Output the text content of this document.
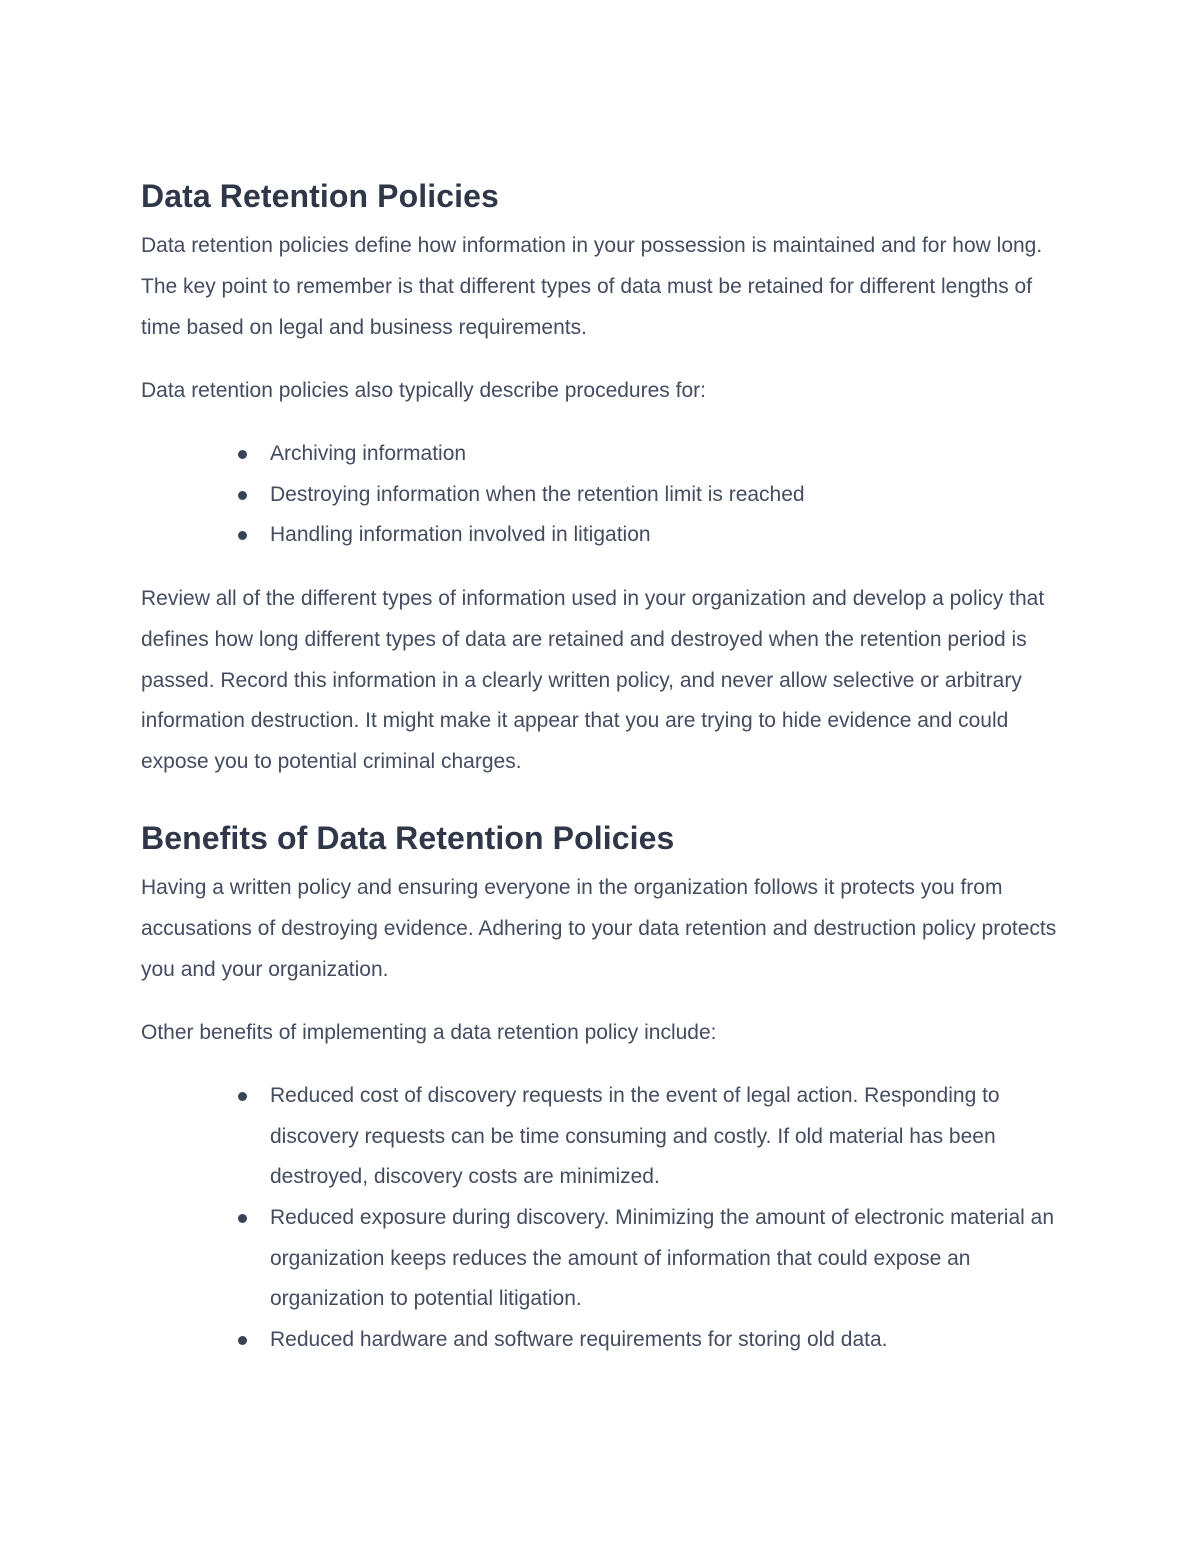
Data Retention Policies

Data retention policies define how information in your possession is maintained and for how long. The key point to remember is that different types of data must be retained for different lengths of time based on legal and business requirements.

Data retention policies also typically describe procedures for:

Archiving information
Destroying information when the retention limit is reached
Handling information involved in litigation

Review all of the different types of information used in your organization and develop a policy that defines how long different types of data are retained and destroyed when the retention period is passed. Record this information in a clearly written policy, and never allow selective or arbitrary information destruction. It might make it appear that you are trying to hide evidence and could expose you to potential criminal charges.

Benefits of Data Retention Policies

Having a written policy and ensuring everyone in the organization follows it protects you from accusations of destroying evidence. Adhering to your data retention and destruction policy protects you and your organization.

Other benefits of implementing a data retention policy include:

Reduced cost of discovery requests in the event of legal action. Responding to discovery requests can be time consuming and costly. If old material has been destroyed, discovery costs are minimized.
Reduced exposure during discovery. Minimizing the amount of electronic material an organization keeps reduces the amount of information that could expose an organization to potential litigation.
Reduced hardware and software requirements for storing old data.
